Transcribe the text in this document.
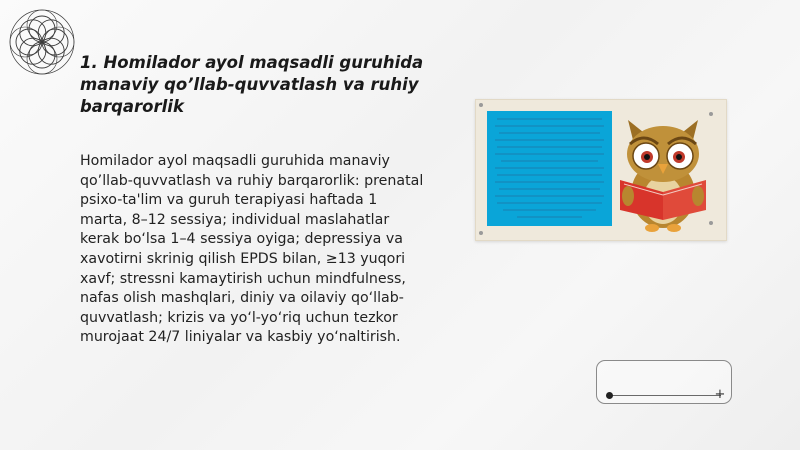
1. Homilador ayol maqsadli guruhida manaviy qo’llab-quvvatlash va ruhiy barqarorlik

Homilador ayol maqsadli guruhida manaviy qo’llab-quvvatlash va ruhiy barqarorlik: prenatal psixo-ta'lim va guruh terapiyasi haftada 1 marta, 8–12 sessiya; individual maslahatlar kerak bo‘lsa 1–4 sessiya oyiga; depressiya va xavotirni skrinig qilish EPDS bilan, ≥13 yuqori xavf; stressni kamaytirish uchun mindfulness, nafas olish mashqlari, diniy va oilaviy qo‘llab-quvvatlash; krizis va yo‘l-yo‘riq uchun tezkor murojaat 24/7 liniyalar va kasbiy yo‘naltirish.

+
